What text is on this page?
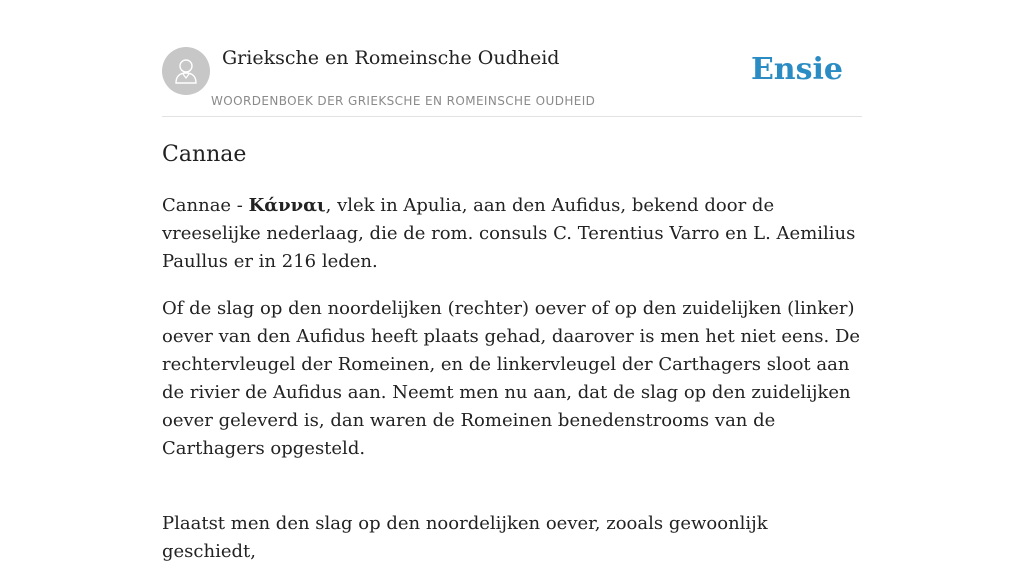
Grieksche en Romeinsche Oudheid
WOORDENBOEK DER GRIEKSCHE EN ROMEINSCHE OUDHEID
Ensie
Cannae

Cannae - Κάνναι, vlek in Apulia, aan den Aufidus, bekend door de vreeselijke nederlaag, die de rom. consuls C. Terentius Varro en L. Aemilius Paullus er in 216 leden.

Of de slag op den noordelijken (rechter) oever of op den zuidelijken (linker) oever van den Aufidus heeft plaats gehad, daarover is men het niet eens. De rechtervleugel der Romeinen, en de linkervleugel der Carthagers sloot aan de rivier de Aufidus aan. Neemt men nu aan, dat de slag op den zuidelijken oever geleverd is, dan waren de Romeinen benedenstrooms van de Carthagers opgesteld.

Plaatst men den slag op den noordelijken oever, zooals gewoonlijk geschiedt,
